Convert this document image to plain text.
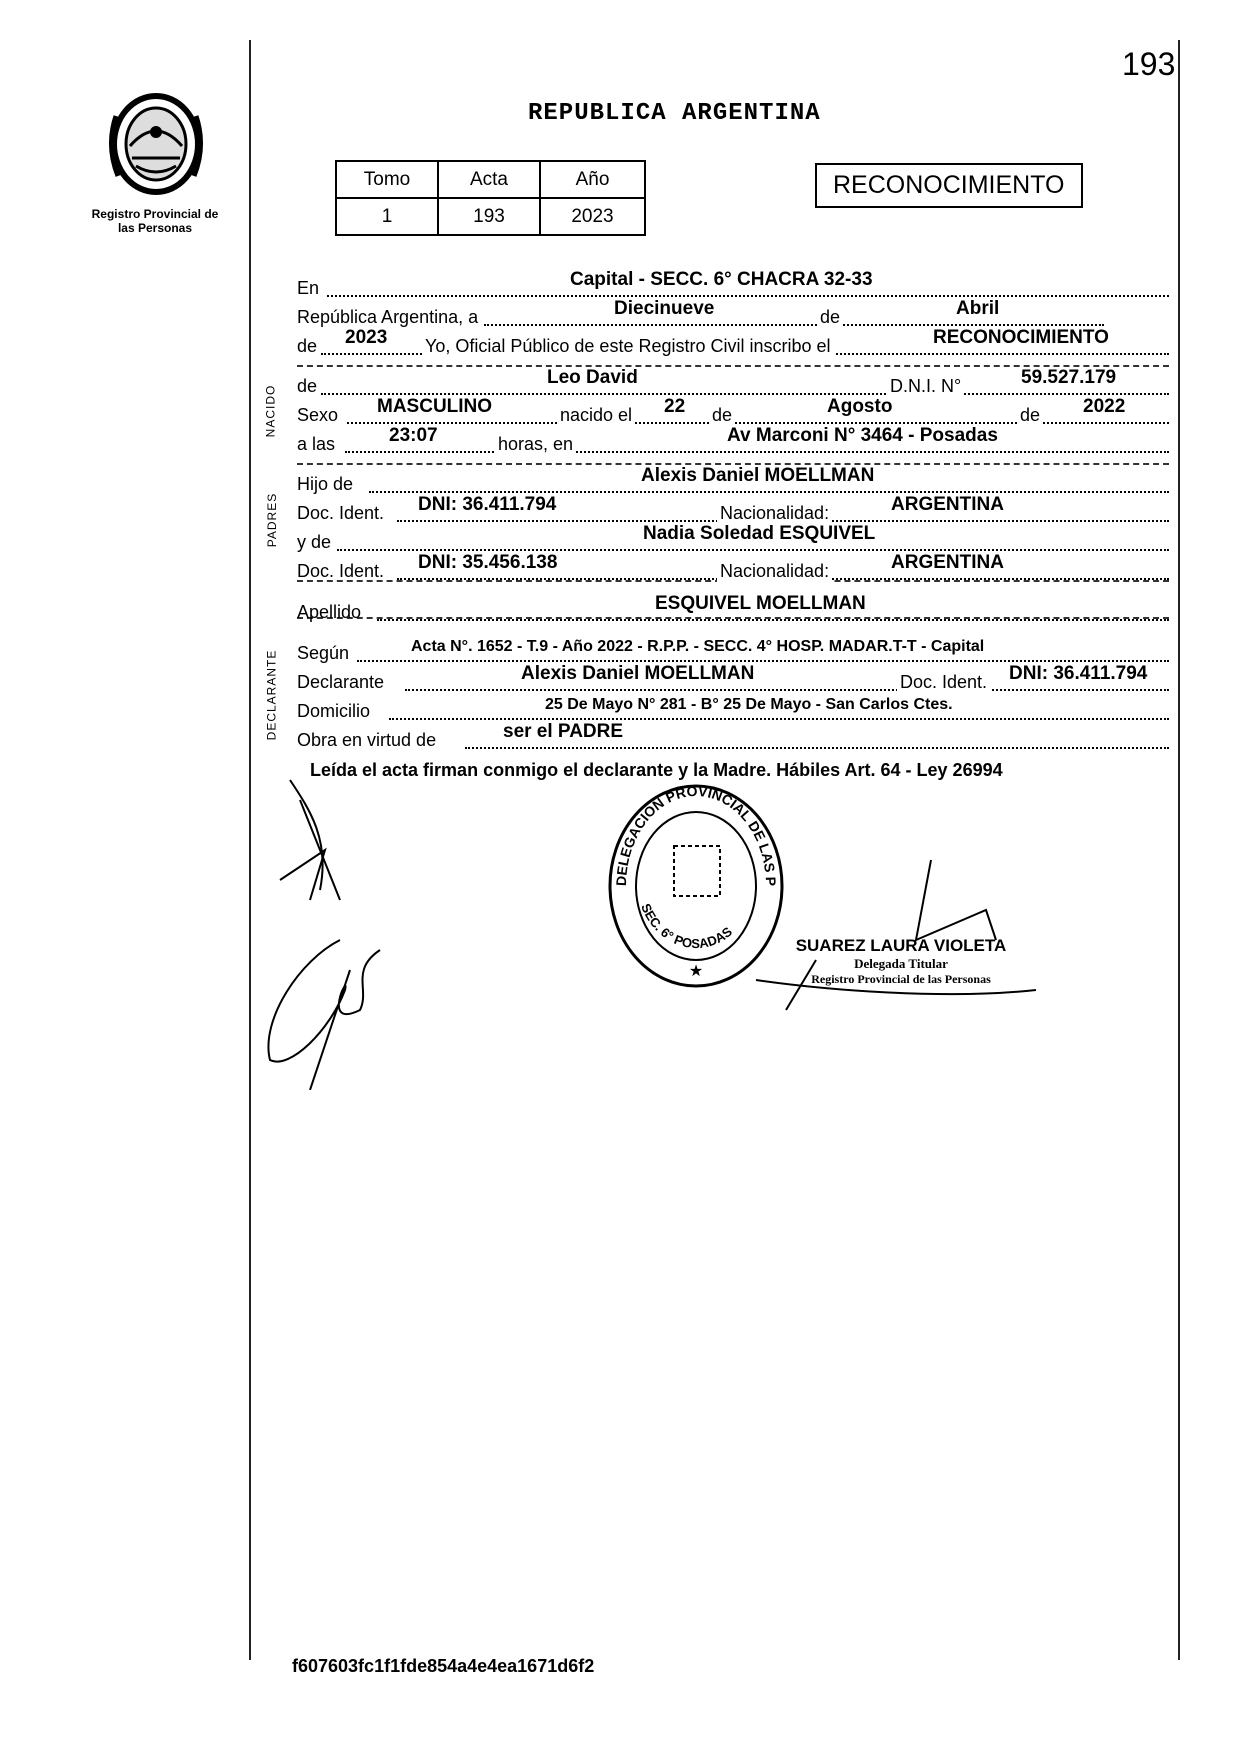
193
Registro Provincial de las Personas
REPUBLICA ARGENTINA
Tomo	Acta	Año
1	193	2023
RECONOCIMIENTO
NACIDO
PADRES
DECLARANTE
En	Capital - SECC. 6° CHACRA 32-33
República Argentina, a	Diecinueve	de	Abril
de 2023 Yo, Oficial Público de este Registro Civil inscribo el	RECONOCIMIENTO
de	Leo David	D.N.I. N°	59.527.179
Sexo MASCULINO	nacido el 22 de	Agosto	de 2022
a las	23:07	horas, en	Av Marconi N° 3464 - Posadas
Hijo de	Alexis Daniel MOELLMAN
Doc. Ident. DNI: 36.411.794	Nacionalidad:	ARGENTINA
y de	Nadia Soledad ESQUIVEL
Doc. Ident. DNI: 35.456.138	Nacionalidad:	ARGENTINA
Apellido	ESQUIVEL MOELLMAN
Según	Acta N°. 1652 - T.9 - Año 2022 - R.P.P. - SECC. 4° HOSP. MADAR.T-T - Capital
Declarante	Alexis Daniel MOELLMAN	Doc. Ident. DNI: 36.411.794
Domicilio	25 De Mayo N° 281 - B° 25 De Mayo - San Carlos Ctes.
Obra en virtud de	ser el PADRE
Leída el acta firman conmigo el declarante y la Madre. Hábiles Art. 64 - Ley 26994
DELEGACION PROVINCIAL DE LAS P
SEC. 6° POSADAS
★
SUAREZ LAURA VIOLETA
Delegada Titular
Registro Provincial de las Personas
f607603fc1f1fde854a4e4ea1671d6f2
